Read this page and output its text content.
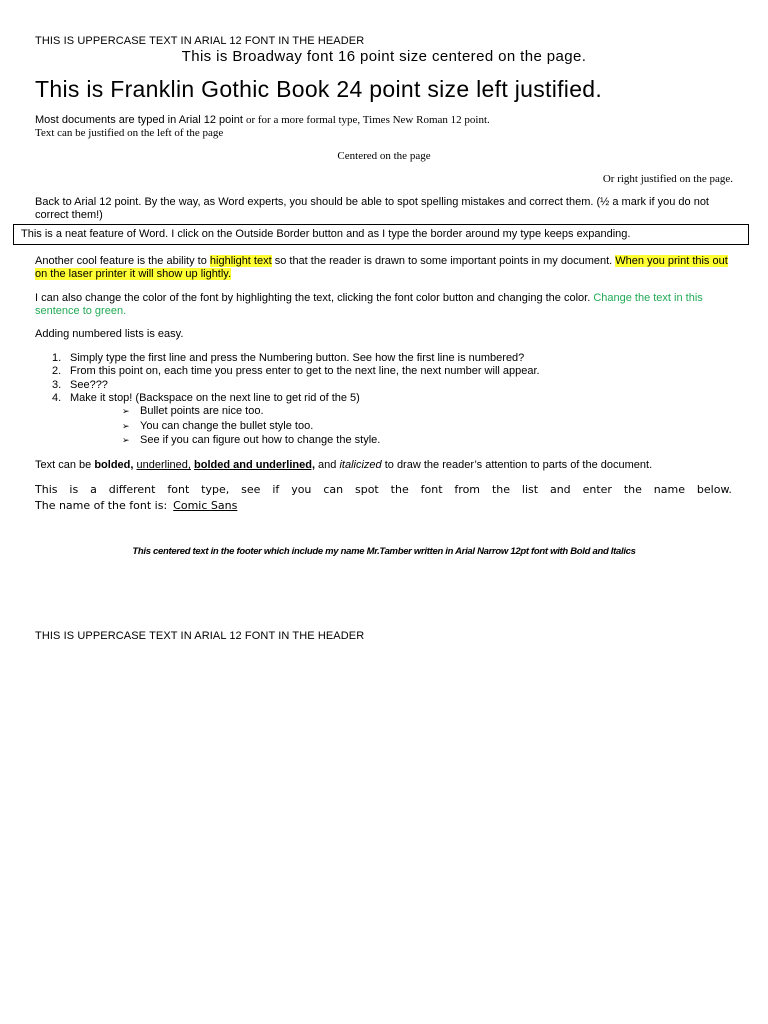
THIS IS UPPERCASE TEXT IN ARIAL 12 FONT IN THE HEADER
This is Broadway font 16 point size centered on the page.
This is Franklin Gothic Book 24 point size left justified.
Most documents are typed in Arial 12 point or for a more formal type, Times New Roman 12 point.
Text can be justified on the left of the page
Centered on the page
Or right justified on the page.
Back to Arial 12 point. By the way, as Word experts, you should be able to spot spelling mistakes and correct them. (½ a mark if you do not correct them!)
This is a neat feature of Word. I click on the Outside Border button and as I type the border around my type keeps expanding.
Another cool feature is the ability to highlight text so that the reader is drawn to some important points in my document. When you print this out on the laser printer it will show up lightly.
I can also change the color of the font by highlighting the text, clicking the font color button and changing the color. Change the text in this sentence to green.
Adding numbered lists is easy.
1. Simply type the first line and press the Numbering button. See how the first line is numbered?
2. From this point on, each time you press enter to get to the next line, the next number will appear.
3. See???
4. Make it stop! (Backspace on the next line to get rid of the 5)
➢ Bullet points are nice too.
➢ You can change the bullet style too.
➢ See if you can figure out how to change the style.
Text can be bolded, underlined, bolded and underlined, and italicized to draw the reader’s attention to parts of the document.
This is a different font type, see if you can spot the font from the list and enter the name below.
The name of the font is: Comic Sans
This centered text in the footer which include my name Mr.Tamber written in Arial Narrow 12pt font with Bold and Italics
THIS IS UPPERCASE TEXT IN ARIAL 12 FONT IN THE HEADER
